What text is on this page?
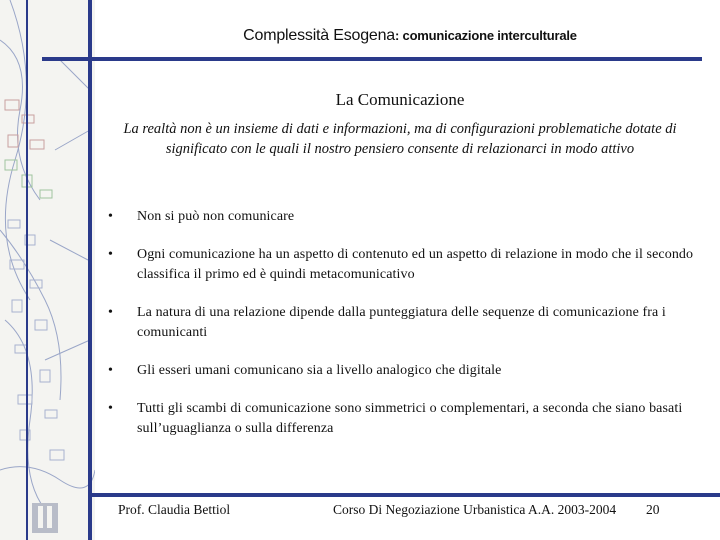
Complessità Esogena: comunicazione interculturale
La Comunicazione
La realtà non è un insieme di dati e informazioni, ma di configurazioni problematiche dotate di significato con le quali il nostro pensiero consente di relazionarci in modo attivo
• Non si può non comunicare
• Ogni comunicazione ha un aspetto di contenuto ed un aspetto di relazione in modo che il secondo classifica il primo ed è quindi metacomunicativo
• La natura di una relazione dipende dalla punteggiatura delle sequenze di comunicazione fra i comunicanti
• Gli esseri umani comunicano sia a livello analogico che digitale
• Tutti gli scambi di comunicazione sono simmetrici o complementari, a seconda che siano basati sull’uguaglianza o sulla differenza
Prof. Claudia Bettiol	Corso Di Negoziazione Urbanistica A.A. 2003-2004 20
